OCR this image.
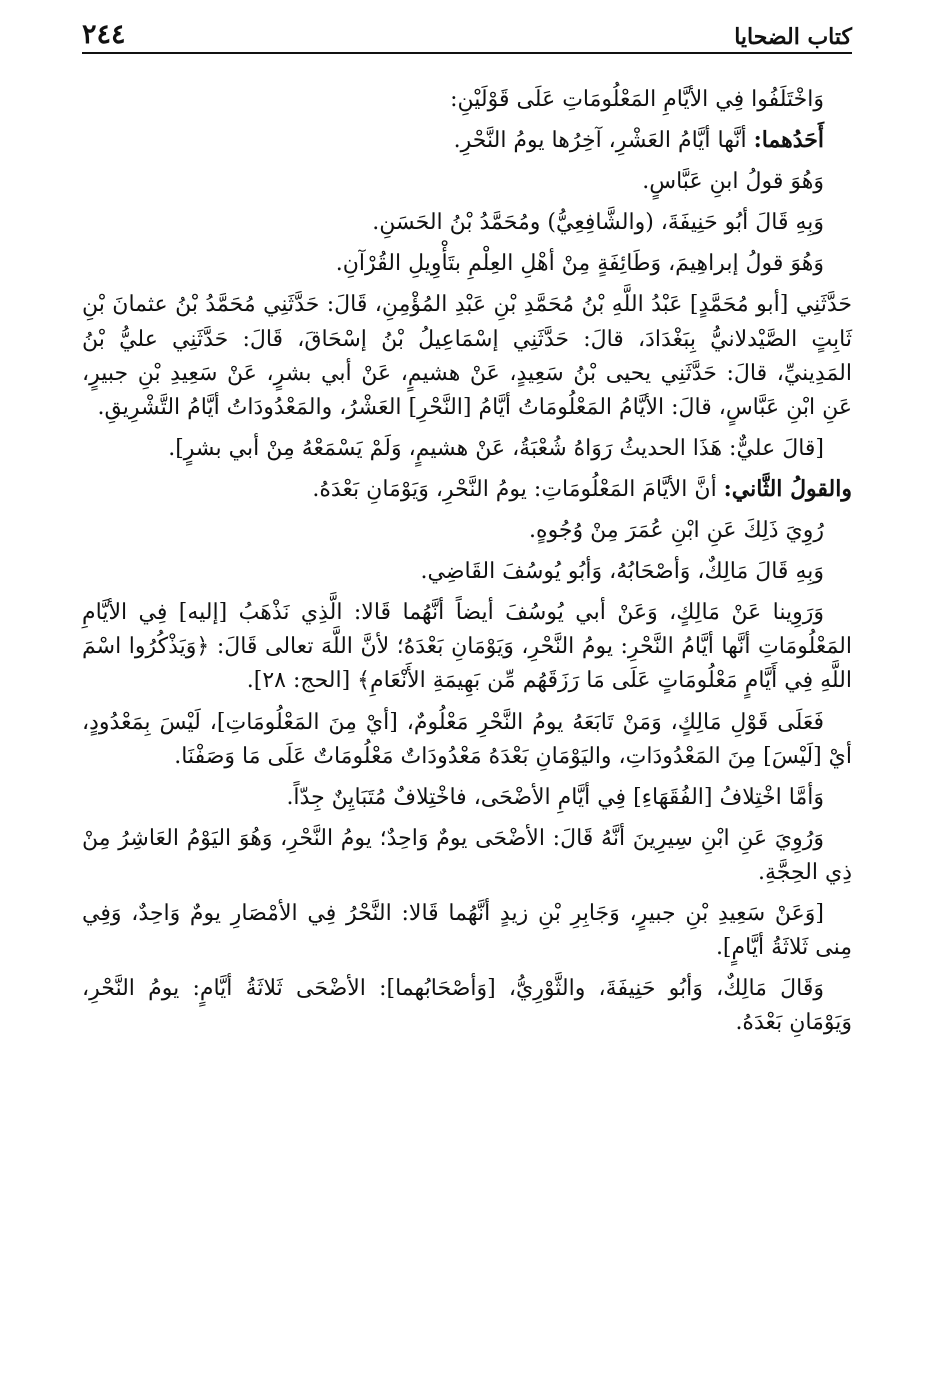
كتاب الضحايا
٢٤٤

وَاخْتَلَفُوا فِي الأيَّامِ المَعْلُومَاتِ عَلَى قَوْلَيْنِ:

أَحَدُهما: أنَّها أيَّامُ العَشْرِ، آخِرُها يومُ النَّحْرِ.

وَهُوَ قولُ ابنِ عَبَّاسٍ.

وَبِهِ قَالَ أبُو حَنِيفَةَ، (والشَّافِعِيُّ) ومُحَمَّدُ بْنُ الحَسَنِ.

وَهُوَ قولُ إبراهِيمَ، وَطَائِفَةٍ مِنْ أهْلِ العِلْمِ بتَأْوِيلِ القُرْآنِ.

حَدَّثَنِي [أبو مُحَمَّدٍ] عَبْدُ اللَّهِ بْنُ مُحَمَّدِ بْنِ عَبْدِ المُؤْمِنِ، قَالَ: حَدَّثَنِي مُحَمَّدُ بْنُ عثمانَ بْنِ ثَابِتٍ الصَّيْدلانيُّ بِبَغْدَادَ، قالَ: حَدَّثَنِي إسْمَاعِيلُ بْنُ إسْحَاقَ، قَالَ: حَدَّثَنِي عليُّ بْنُ المَدِينيِّ، قالَ: حَدَّثَنِي يحيى بْنُ سَعِيدٍ، عَنْ هشيمٍ، عَنْ أبي بشرٍ، عَنْ سَعِيدِ بْنِ جبيرٍ، عَنِ ابْنِ عَبَّاسٍ، قالَ: الأيَّامُ المَعْلُومَاتُ أيَّامُ [النَّحْرِ] العَشْرُ، والمَعْدُودَاتُ أيَّامُ التَّشْرِيقِ.

[قالَ عليٌّ: هَذَا الحديثُ رَوَاهُ شُعْبَةُ، عَنْ هشيمٍ، وَلَمْ يَسْمَعْهُ مِنْ أبي بشرٍ].

والقولُ الثَّاني: أنَّ الأيَّامَ المَعْلُومَاتِ: يومُ النَّحْرِ، وَيَوْمَانِ بَعْدَهُ.

رُوِيَ ذَلِكَ عَنِ ابْنِ عُمَرَ مِنْ وُجُوهٍ.

وَبِهِ قَالَ مَالِكٌ، وَأصْحَابُهُ، وَأبُو يُوسُفَ القَاضِي.

وَرَوِينا عَنْ مَالِكٍ، وَعَنْ أبي يُوسُفَ أيضاً أنَّهُما قَالا: الَّذِي نَذْهَبُ [إليه] فِي الأيَّامِ المَعْلُومَاتِ أنَّها أيَّامُ النَّحْرِ: يومُ النَّحْرِ، وَيَوْمَانِ بَعْدَهُ؛ لأنَّ اللَّهَ تعالى قَالَ: ﴿وَيَذْكُرُوا اسْمَ اللَّهِ فِي أَيَّامٍ مَعْلُومَاتٍ عَلَى مَا رَزَقَهُم مِّن بَهِيمَةِ الأَنْعَامِ﴾ [الحج: ٢٨].

فَعَلَى قَوْلِ مَالِكٍ، وَمَنْ تَابَعَهُ يومُ النَّحْرِ مَعْلُومٌ، [أيْ مِنَ المَعْلُومَاتِ]، لَيْسَ بِمَعْدُودٍ، أيْ [لَيْسَ] مِنَ المَعْدُودَاتِ، واليَوْمَانِ بَعْدَهُ مَعْدُودَاتٌ مَعْلُومَاتٌ عَلَى مَا وَصَفْنَا.

وَأمَّا اخْتِلافُ [الفُقَهَاءِ] فِي أيَّامِ الأضْحَى، فاخْتِلافٌ مُتَبَايِنٌ جِدّاً.

وَرُوِيَ عَنِ ابْنِ سِيرِينَ أنَّهُ قَالَ: الأضْحَى يومٌ وَاحِدٌ؛ يومُ النَّحْرِ، وَهُوَ اليَوْمُ العَاشِرُ مِنْ ذِي الحِجَّةِ.

[وَعَنْ سَعِيدِ بْنِ جبيرٍ، وَجَابِرِ بْنِ زيدٍ أنَّهُما قَالا: النَّحْرُ فِي الأمْصَارِ يومٌ وَاحِدٌ، وَفِي مِنى ثَلاثَةُ أيَّامٍ].

وَقَالَ مَالِكٌ، وَأبُو حَنِيفَةَ، والثَّوْرِيُّ، [وَأصْحَابُهما]: الأضْحَى ثَلاثَةُ أيَّامٍ: يومُ النَّحْرِ، وَيَوْمَانِ بَعْدَهُ.
